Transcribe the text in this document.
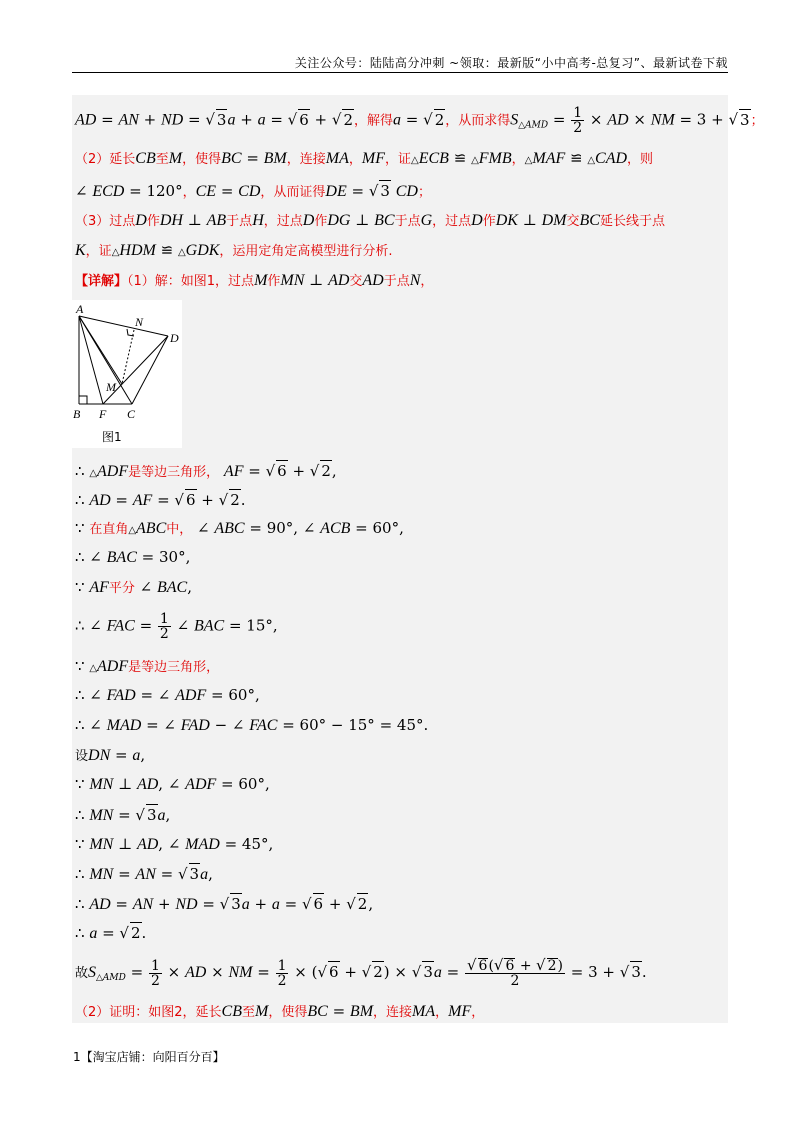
关注公众号：陆陆高分冲刺 ~领取：最新版“小中高考-总复习”、最新试卷下载
AD = AN + ND = √ 3a + a = √ 6 + √ 2，解得a = √ 2，从而求得$S_{\triangle AMD} = \frac{1}{2}$ × AD × NM = 3 + √ 3；
（2）延长CB至M，使得BC = BM，连接MA，MF，证△ECB ≌ △FMB，△MAF ≌ △CAD，则
∠ ECD = 120°，CE = CD，从而证得DE = √ 3 CD；
（3）过点D作DH ⊥ AB于点H，过点D作DG ⊥ BC于点G，过点D作DK ⊥ DM交BC延长线于点
K，证△HDM ≌ △GDK，运用定角定高模型进行分析.
【详解】（1）解：如图1，过点M作MN ⊥ AD交AD于点N，
A
N
D
M
B F C
图1
∴ △ADF是等边三角形， AF = √ 6 + √ 2,
∴ AD = AF = √ 6 + √ 2.
∵ 在直角△ABC中， ∠ ABC = 90°, ∠ ACB = 60°,
∴ ∠ BAC = 30°,
∵ AF平分 ∠ BAC,
∴ ∠ FAC = $\frac{1}{2}$ ∠ BAC = 15°,
∵ △ADF是等边三角形，
∴ ∠ FAD = ∠ ADF = 60°,
∴ ∠ MAD = ∠ FAD − ∠ FAC = 60° − 15° = 45°.
设DN = a,
∵ MN ⊥ AD, ∠ ADF = 60°,
∴ MN = √ 3a,
∵ MN ⊥ AD, ∠ MAD = 45°,
∴ MN = AN = √ 3a,
∴ AD = AN + ND = √ 3a + a = √ 6 + √ 2,
∴ a = √ 2.
故$S_{\triangle AMD} = \frac{1}{2}$ × AD × NM = $\frac{1}{2}$ × (√ 6 + √ 2) × √ $3a = \frac{√ 6(√ 6 + √ 2)}{2} = 3$ + √ 3.
（2）证明：如图2，延长CB至M，使得BC = BM，连接MA，MF，
1【淘宝店铺：向阳百分百】
